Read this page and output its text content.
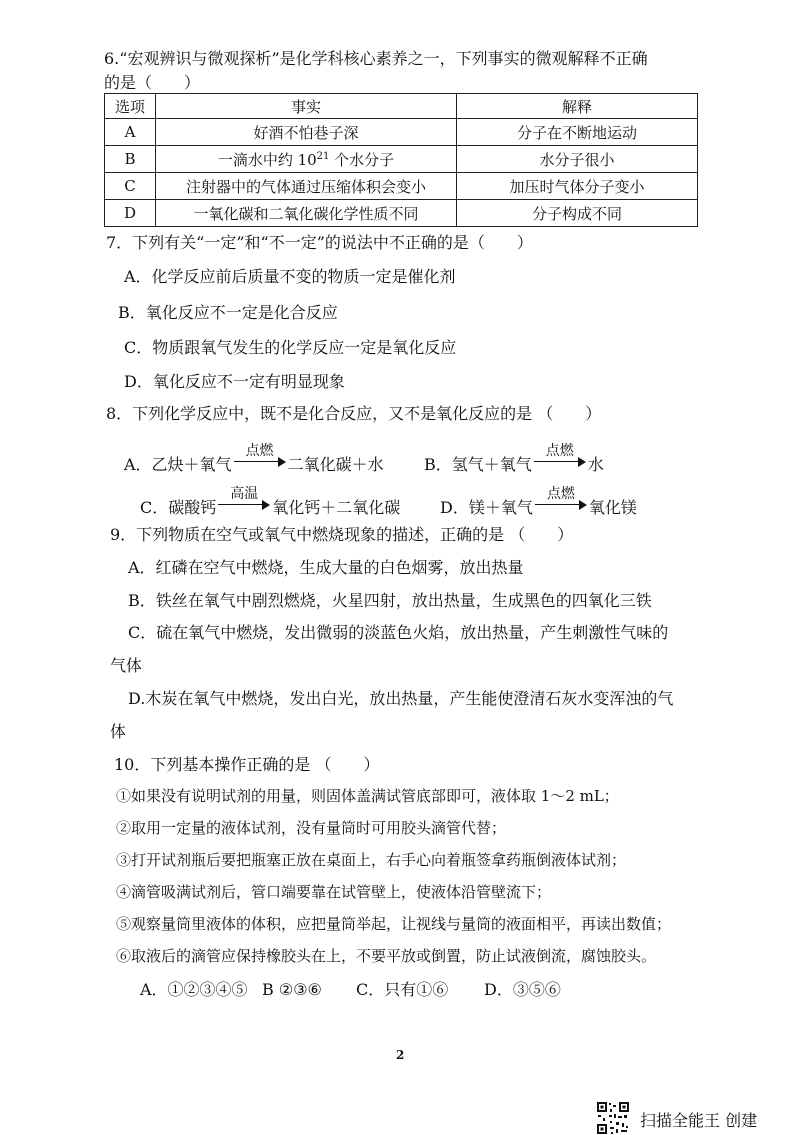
6.“宏观辨识与微观探析”是化学科核心素养之一，下列事实的微观解释不正确
的是（　　）
选项	事实	解释
A	好酒不怕巷子深	分子在不断地运动
B	一滴水中约 $10^{21}$ 个水分子	水分子很小
C	注射器中的气体通过压缩体积会变小	加压时气体分子变小
D	一氧化碳和二氧化碳化学性质不同	分子构成不同
7．下列有关“一定”和“不一定”的说法中不正确的是（　　）
A．化学反应前后质量不变的物质一定是催化剂
B．氧化反应不一定是化合反应
C．物质跟氧气发生的化学反应一定是氧化反应
D．氧化反应不一定有明显现象
8．下列化学反应中，既不是化合反应，又不是氧化反应的是 （　　）
A．乙炔＋氧气
点燃
二氧化碳＋水	B．氢气＋氧气
点燃
水
C．碳酸钙
高温
氧化钙＋二氧化碳 D．镁＋氧气
点燃
氧化镁
9．下列物质在空气或氧气中燃烧现象的描述，正确的是 （　　）
A．红磷在空气中燃烧，生成大量的白色烟雾，放出热量
B．铁丝在氧气中剧烈燃烧，火星四射，放出热量，生成黑色的四氧化三铁
C．硫在氧气中燃烧，发出微弱的淡蓝色火焰，放出热量，产生刺激性气味的
气体
D.木炭在氧气中燃烧，发出白光，放出热量，产生能使澄清石灰水变浑浊的气
体
10．下列基本操作正确的是 （　　）
①如果没有说明试剂的用量，则固体盖满试管底部即可，液体取 1～2 mL；
②取用一定量的液体试剂，没有量筒时可用胶头滴管代替；
③打开试剂瓶后要把瓶塞正放在桌面上，右手心向着瓶签拿药瓶倒液体试剂；
④滴管吸满试剂后，管口端要靠在试管壁上，使液体沿管壁流下；
⑤观察量筒里液体的体积，应把量筒举起，让视线与量筒的液面相平，再读出数值；
⑥取液后的滴管应保持橡胶头在上，不要平放或倒置，防止试液倒流，腐蚀胶头。
A．①②③④⑤ B ②③⑥ C．只有①⑥ D．③⑤⑥
2
扫描全能王 创建
